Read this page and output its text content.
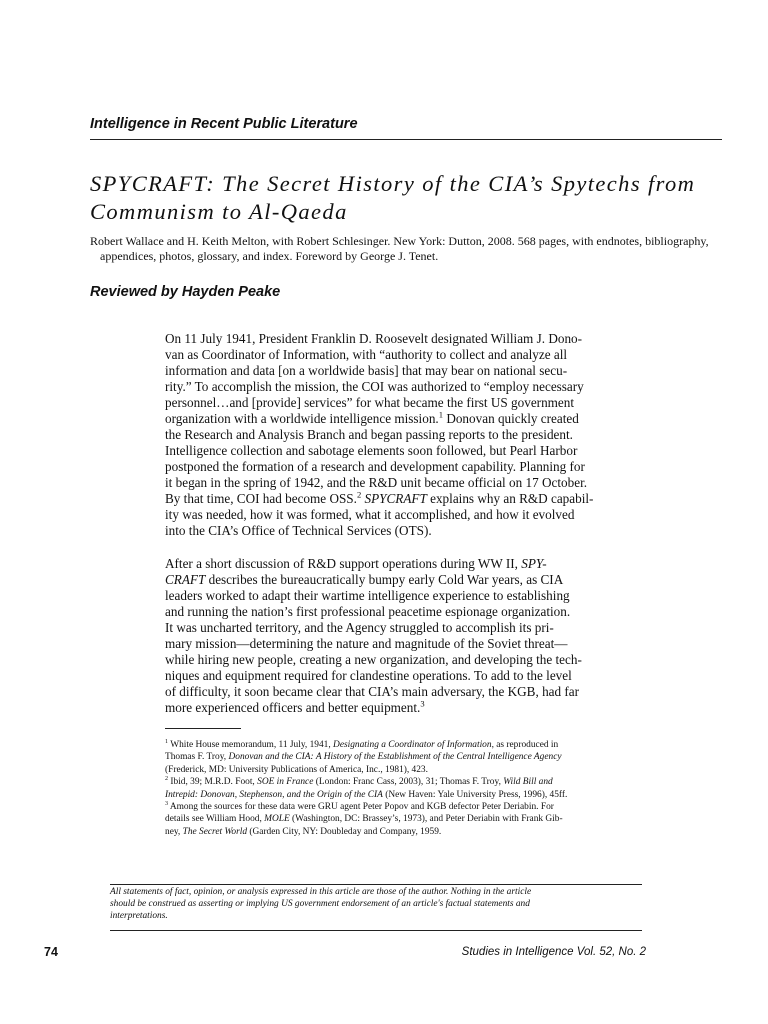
Intelligence in Recent Public Literature
SPYCRAFT: The Secret History of the CIA’s Spytechs from Communism to Al-Qaeda

Robert Wallace and H. Keith Melton, with Robert Schlesinger. New York: Dutton, 2008. 568 pages, with endnotes, bibliography, appendices, photos, glossary, and index. Foreword by George J. Tenet.

Reviewed by Hayden Peake

On 11 July 1941, President Franklin D. Roosevelt designated William J. Dono-

van as Coordinator of Information, with “authority to collect and analyze all

information and data [on a worldwide basis] that may bear on national secu-

rity.” To accomplish the mission, the COI was authorized to “employ necessary

personnel…and [provide] services” for what became the first US government

organization with a worldwide intelligence mission.$^1$ Donovan quickly created

the Research and Analysis Branch and began passing reports to the president.

Intelligence collection and sabotage elements soon followed, but Pearl Harbor

postponed the formation of a research and development capability. Planning for

it began in the spring of 1942, and the R&D unit became official on 17 October.

By that time, COI had become OSS.$^2$ SPYCRAFT explains why an R&D capabil-

ity was needed, how it was formed, what it accomplished, and how it evolved

into the CIA’s Office of Technical Services (OTS).

After a short discussion of R&D support operations during WW II, SPY-

CRAFT describes the bureaucratically bumpy early Cold War years, as CIA

leaders worked to adapt their wartime intelligence experience to establishing

and running the nation’s first professional peacetime espionage organization.

It was uncharted territory, and the Agency struggled to accomplish its pri-

mary mission—determining the nature and magnitude of the Soviet threat—

while hiring new people, creating a new organization, and developing the tech-

niques and equipment required for clandestine operations. To add to the level

of difficulty, it soon became clear that CIA’s main adversary, the KGB, had far

more experienced officers and better equipment.$^3$

$^1$ White House memorandum, 11 July, 1941, Designating a Coordinator of Information, as reproduced in

Thomas F. Troy, Donovan and the CIA: A History of the Establishment of the Central Intelligence Agency

(Frederick, MD: University Publications of America, Inc., 1981), 423.

$^2$ Ibid, 39; M.R.D. Foot, SOE in France (London: Franc Cass, 2003), 31; Thomas F. Troy, Wild Bill and

Intrepid: Donovan, Stephenson, and the Origin of the CIA (New Haven: Yale University Press, 1996), 45ff.

$^3$ Among the sources for these data were GRU agent Peter Popov and KGB defector Peter Deriabin. For

details see William Hood, MOLE (Washington, DC: Brassey’s, 1973), and Peter Deriabin with Frank Gib-

ney, The Secret World (Garden City, NY: Doubleday and Company, 1959.

All statements of fact, opinion, or analysis expressed in this article are those of the author. Nothing in the article

should be construed as asserting or implying US government endorsement of an article's factual statements and

interpretations.

74	Studies in Intelligence Vol. 52, No. 2
